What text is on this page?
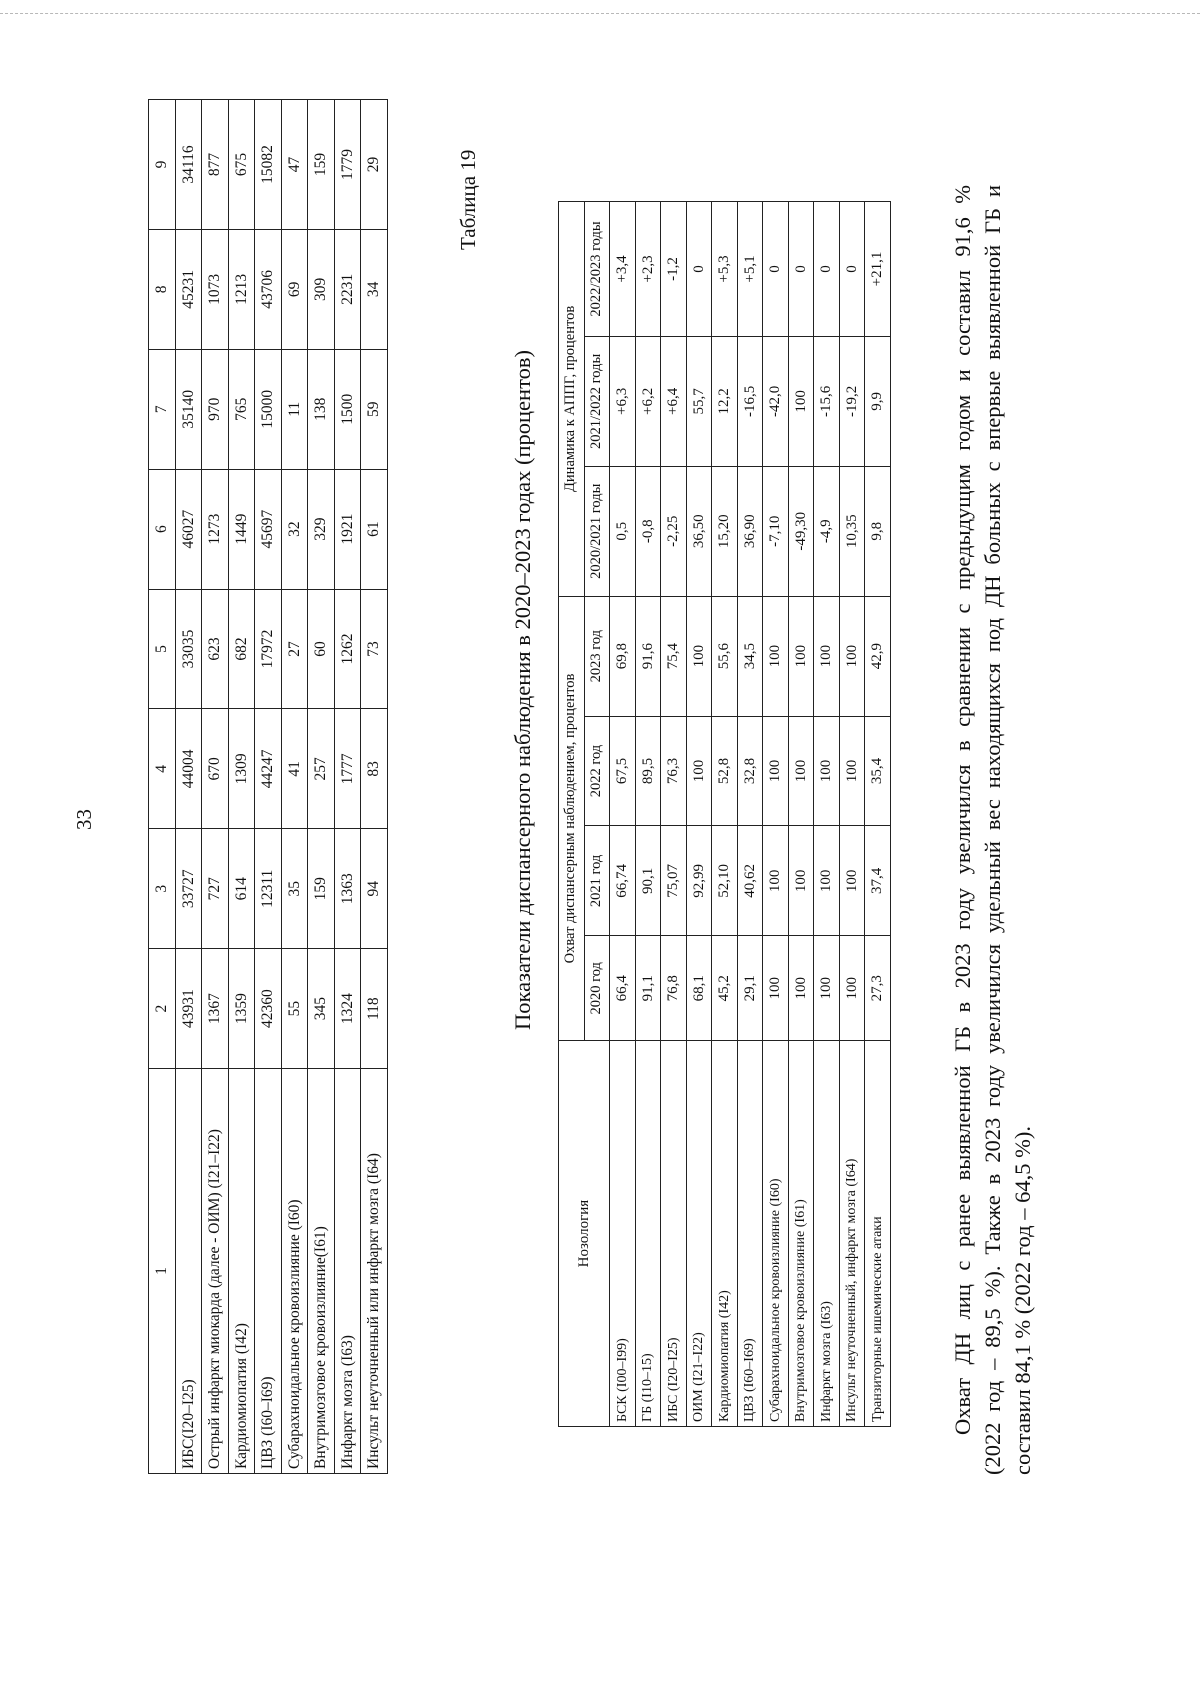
33
1	2	3	4	5	6	7	8	9
ИБС(I20–I25)	43931	33727	44004	33035	46027	35140	45231	34116
Острый инфаркт миокарда (далее - ОИМ) (I21–I22)	1367	727	670	623	1273	970	1073	877
Кардиомиопатия (I42)	1359	614	1309	682	1449	765	1213	675
ЦВЗ (I60–I69)	42360	12311	44247	17972	45697	15000	43706	15082
Субарахноидальное кровоизлияние (I60)	55	35	41	27	32	11	69	47
Внутримозговое кровоизлияние(I61)	345	159	257	60	329	138	309	159
Инфаркт мозга (I63)	1324	1363	1777	1262	1921	1500	2231	1779
Инсульт неуточненный или инфаркт мозга (I64)	118	94	83	73	61	59	34	29	Таблица 19
Показатели диспансерного наблюдения в 2020–2023 годах (процентов)
Нозология	Охват диспансерным наблюдением, процентов				Динамика к АППГ, процентов		
	2020 год	2021 год	2022 год	2023 год	2020/2021 годы	2021/2022 годы	2022/2023 годы
БСК (I00–I99)	66,4	66,74	67,5	69,8	0,5	+6,3	+3,4
ГБ (I10–15)	91,1	90,1	89,5	91,6	-0,8	+6,2	+2,3
ИБС (I20–I25)	76,8	75,07	76,3	75,4	-2,25	+6,4	-1,2
ОИМ (I21–I22)	68,1	92,99	100	100	36,50	55,7	0
Кардиомиопатия (I42)	45,2	52,10	52,8	55,6	15,20	12,2	+5,3
ЦВЗ (I60–I69)	29,1	40,62	32,8	34,5	36,90	-16,5	+5,1
Субарахноидальное кровоизлияние (I60)	100	100	100	100	-7,10	-42,0	0
Внутримозговое кровоизлияние (I61)	100	100	100	100	-49,30	100	0
Инфаркт мозга (I63)	100	100	100	100	-4,9	-15,6	0
Инсульт неуточненный, инфаркт мозга (I64)	100	100	100	100	10,35	-19,2	0
Транзиторные ишемические атаки	27,3	37,4	35,4	42,9	9,8	9,9	+21,1	Охват ДН лиц с ранее выявленной ГБ в 2023 году увеличился в сравнении с предыдущим годом и составил 91,6 % (2022 год – 89,5 %). Также в 2023 году увеличился удельный вес находящихся под ДН больных с впервые выявленной ГБ и составил 84,1 % (2022 год – 64,5 %).
